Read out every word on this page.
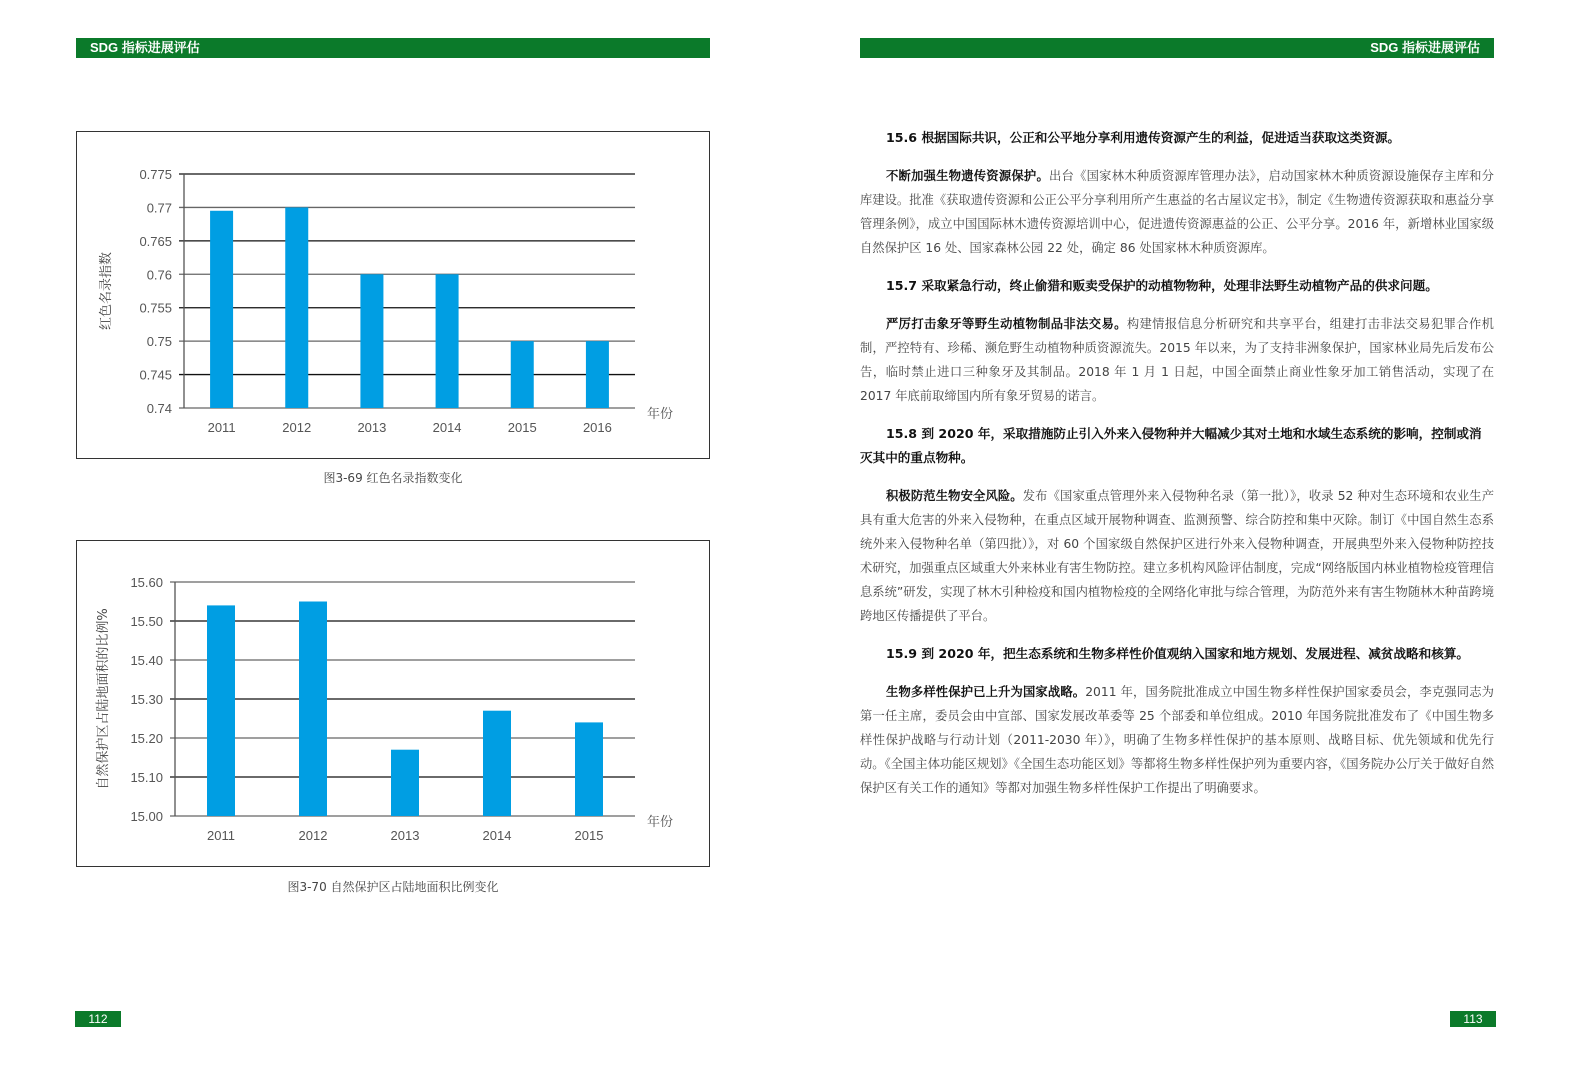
SDG 指标进展评估
0.74
0.745
0.75
0.755
0.76
0.765
0.77
0.775
2011	2012	2013	2014	2015	2016
年份
红色名录指数
图3-69 红色名录指数变化
15.00
15.10
15.20
15.30
15.40
15.50
15.60
2011	2012	2013	2014	2015
年份
自然保护区占陆地面积的比例%
图3-70 自然保护区占陆地面积比例变化
112
SDG 指标进展评估

15.6 根据国际共识，公正和公平地分享利用遗传资源产生的利益，促进适当获取这类资源。

不断加强生物遗传资源保护。出台《国家林木种质资源库管理办法》，启动国家林木种质资源设施保存主库和分库建设。批准《获取遗传资源和公正公平分享利用所产生惠益的名古屋议定书》，制定《生物遗传资源获取和惠益分享管理条例》，成立中国国际林木遗传资源培训中心，促进遗传资源惠益的公正、公平分享。2016 年，新增林业国家级自然保护区 16 处、国家森林公园 22 处，确定 86 处国家林木种质资源库。

15.7 采取紧急行动，终止偷猎和贩卖受保护的动植物物种，处理非法野生动植物产品的供求问题。

严厉打击象牙等野生动植物制品非法交易。构建情报信息分析研究和共享平台，组建打击非法交易犯罪合作机制，严控特有、珍稀、濒危野生动植物种质资源流失。2015 年以来，为了支持非洲象保护，国家林业局先后发布公告，临时禁止进口三种象牙及其制品。2018 年 1 月 1 日起，中国全面禁止商业性象牙加工销售活动，实现了在 2017 年底前取缔国内所有象牙贸易的诺言。

15.8 到 2020 年，采取措施防止引入外来入侵物种并大幅减少其对土地和水域生态系统的影响，控制或消灭其中的重点物种。

积极防范生物安全风险。发布《国家重点管理外来入侵物种名录（第一批）》，收录 52 种对生态环境和农业生产具有重大危害的外来入侵物种，在重点区域开展物种调查、监测预警、综合防控和集中灭除。制订《中国自然生态系统外来入侵物种名单（第四批）》，对 60 个国家级自然保护区进行外来入侵物种调查，开展典型外来入侵物种防控技术研究，加强重点区域重大外来林业有害生物防控。建立多机构风险评估制度，完成“网络版国内林业植物检疫管理信息系统”研发，实现了林木引种检疫和国内植物检疫的全网络化审批与综合管理，为防范外来有害生物随林木种苗跨境跨地区传播提供了平台。

15.9 到 2020 年，把生态系统和生物多样性价值观纳入国家和地方规划、发展进程、减贫战略和核算。

生物多样性保护已上升为国家战略。2011 年，国务院批准成立中国生物多样性保护国家委员会，李克强同志为第一任主席，委员会由中宣部、国家发展改革委等 25 个部委和单位组成。2010 年国务院批准发布了《中国生物多样性保护战略与行动计划（2011-2030 年）》，明确了生物多样性保护的基本原则、战略目标、优先领域和优先行动。《全国主体功能区规划》《全国生态功能区划》等都将生物多样性保护列为重要内容，《国务院办公厅关于做好自然保护区有关工作的通知》等都对加强生物多样性保护工作提出了明确要求。

113
